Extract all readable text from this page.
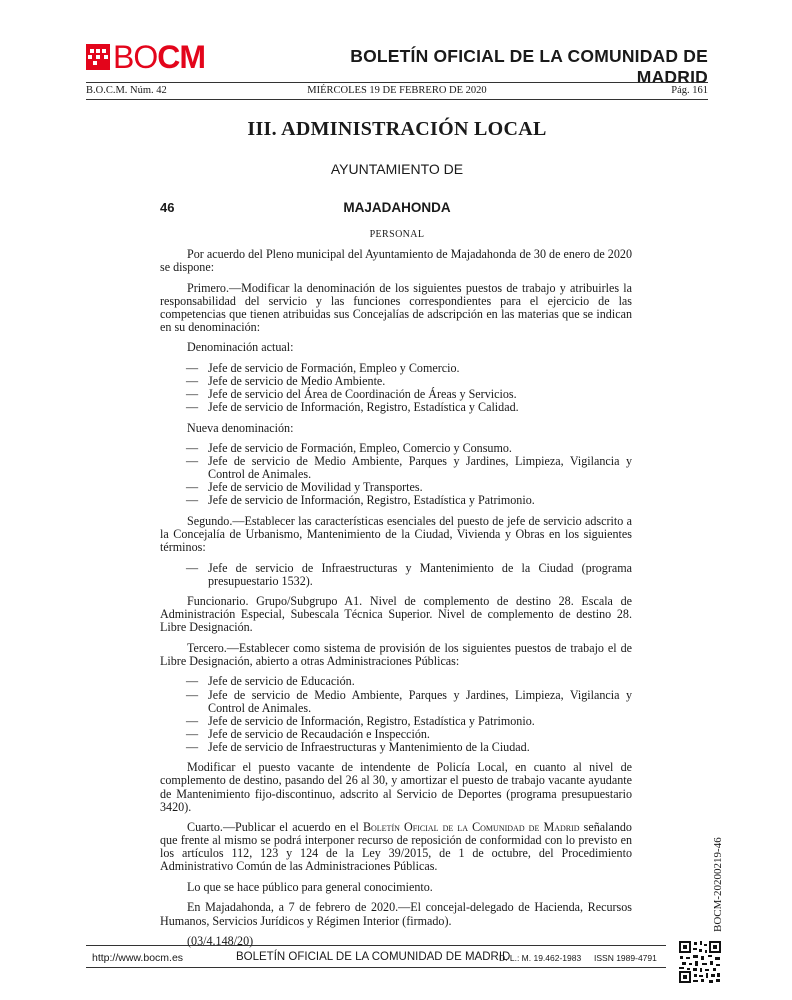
BOCM	BOLETÍN OFICIAL DE LA COMUNIDAD DE MADRID
B.O.C.M. Núm. 42	MIÉRCOLES 19 DE FEBRERO DE 2020	Pág. 161
III. ADMINISTRACIÓN LOCAL
AYUNTAMIENTO DE
46	MAJADAHONDA
PERSONAL

Por acuerdo del Pleno municipal del Ayuntamiento de Majadahonda de 30 de enero de 2020 se dispone:

Primero.—Modificar la denominación de los siguientes puestos de trabajo y atribuirles la responsabilidad del servicio y las funciones correspondientes para el ejercicio de las competencias que tienen atribuidas sus Concejalías de adscripción en las materias que se indican en su denominación:

Denominación actual:

— Jefe de servicio de Formación, Empleo y Comercio.
— Jefe de servicio de Medio Ambiente.
— Jefe de servicio del Área de Coordinación de Áreas y Servicios.
— Jefe de servicio de Información, Registro, Estadística y Calidad.

Nueva denominación:

— Jefe de servicio de Formación, Empleo, Comercio y Consumo.
— Jefe de servicio de Medio Ambiente, Parques y Jardines, Limpieza, Vigilancia y Control de Animales.
— Jefe de servicio de Movilidad y Transportes.
— Jefe de servicio de Información, Registro, Estadística y Patrimonio.

Segundo.—Establecer las características esenciales del puesto de jefe de servicio adscrito a la Concejalía de Urbanismo, Mantenimiento de la Ciudad, Vivienda y Obras en los siguientes términos:

— Jefe de servicio de Infraestructuras y Mantenimiento de la Ciudad (programa presupuestario 1532).

Funcionario. Grupo/Subgrupo A1. Nivel de complemento de destino 28. Escala de Administración Especial, Subescala Técnica Superior. Nivel de complemento de destino 28. Libre Designación.

Tercero.—Establecer como sistema de provisión de los siguientes puestos de trabajo el de Libre Designación, abierto a otras Administraciones Públicas:

— Jefe de servicio de Educación.
— Jefe de servicio de Medio Ambiente, Parques y Jardines, Limpieza, Vigilancia y Control de Animales.
— Jefe de servicio de Información, Registro, Estadística y Patrimonio.
— Jefe de servicio de Recaudación e Inspección.
— Jefe de servicio de Infraestructuras y Mantenimiento de la Ciudad.

Modificar el puesto vacante de intendente de Policía Local, en cuanto al nivel de complemento de destino, pasando del 26 al 30, y amortizar el puesto de trabajo vacante ayudante de Mantenimiento fijo-discontinuo, adscrito al Servicio de Deportes (programa presupuestario 3420).

Cuarto.—Publicar el acuerdo en el Boletín Oficial de la Comunidad de Madrid señalando que frente al mismo se podrá interponer recurso de reposición de conformidad con lo previsto en los artículos 112, 123 y 124 de la Ley 39/2015, de 1 de octubre, del Procedimiento Administrativo Común de las Administraciones Públicas.

Lo que se hace público para general conocimiento.

En Majadahonda, a 7 de febrero de 2020.—El concejal-delegado de Hacienda, Recursos Humanos, Servicios Jurídicos y Régimen Interior (firmado).

(03/4.148/20)

BOCM-20200219-46
http://www.bocm.es	BOLETÍN OFICIAL DE LA COMUNIDAD DE MADRID
D. L.: M. 19.462-1983 ISSN 1989-4791
